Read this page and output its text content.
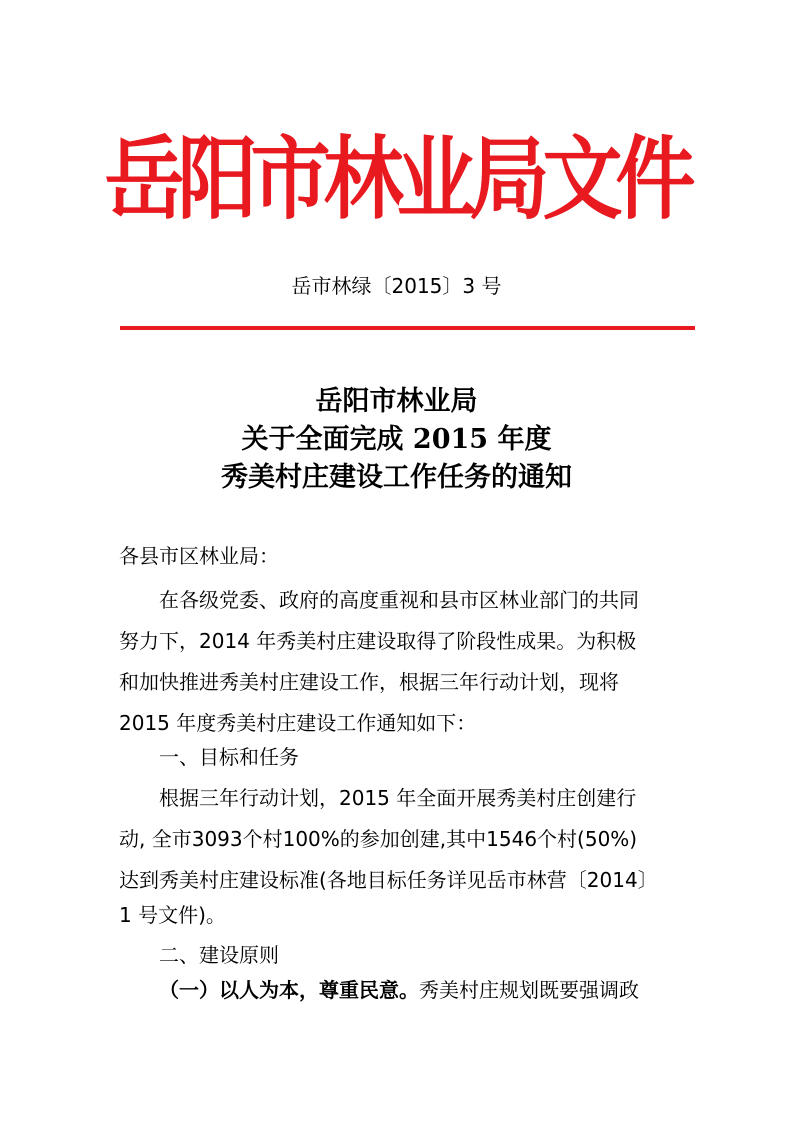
岳阳市林业局文件
岳市林绿〔2015〕3 号
岳阳市林业局
关于全面完成 2015 年度
秀美村庄建设工作任务的通知
各县市区林业局：
在各级党委、政府的高度重视和县市区林业部门的共同
努力下，2014 年秀美村庄建设取得了阶段性成果。为积极
和加快推进秀美村庄建设工作，根据三年行动计划，现将
2015 年度秀美村庄建设工作通知如下：
一、目标和任务
根据三年行动计划，2015 年全面开展秀美村庄创建行
动, 全市3093个村100%的参加创建,其中1546个村(50%)
达到秀美村庄建设标准(各地目标任务详见岳市林营〔2014〕
1 号文件)。
二、建设原则
（一）以人为本，尊重民意。秀美村庄规划既要强调政
